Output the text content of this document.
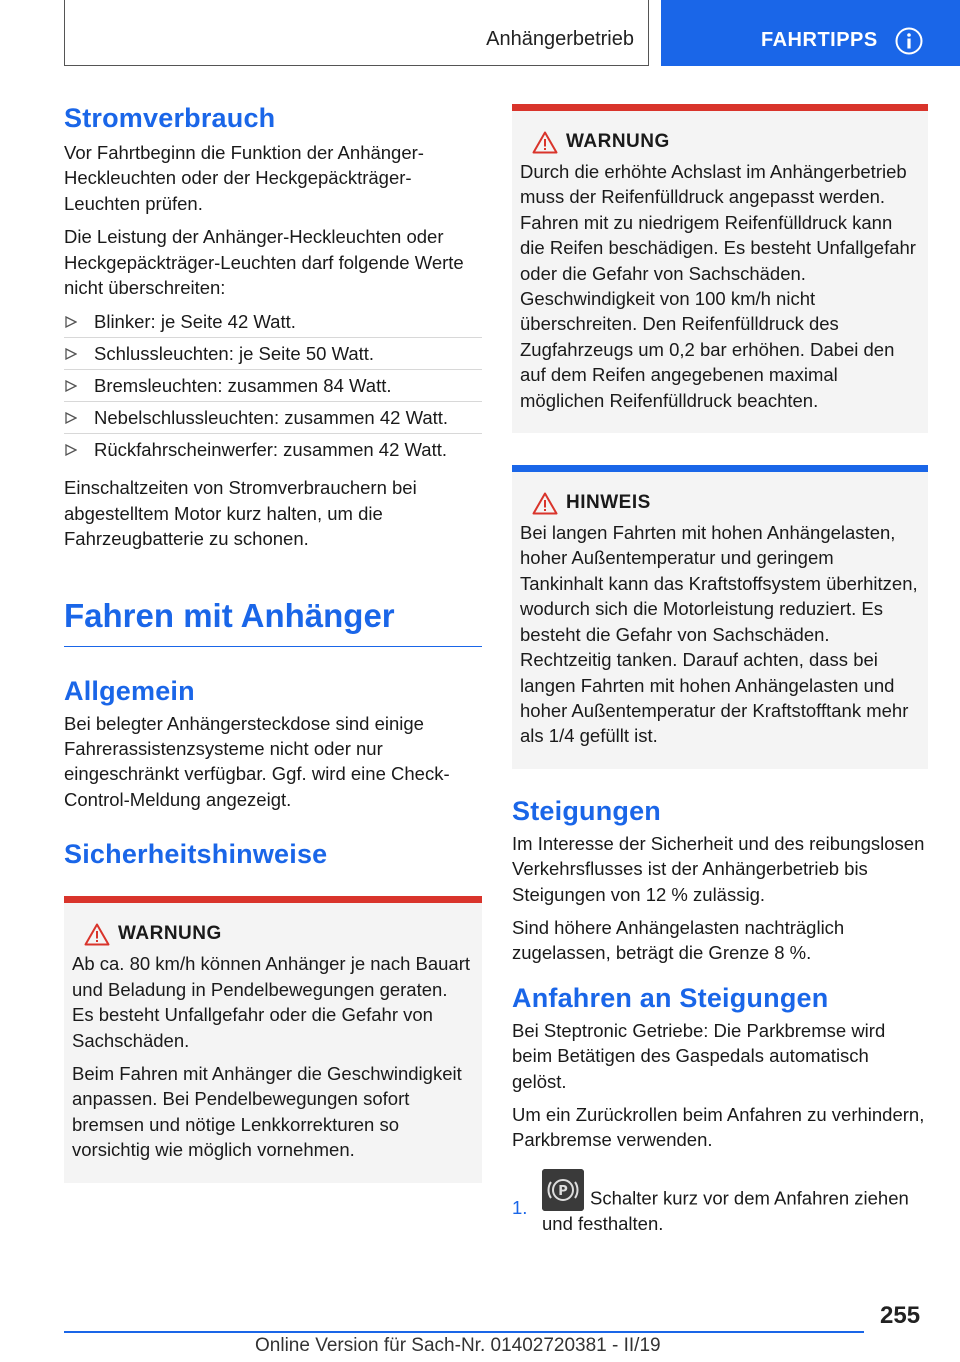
Anhängerbetrieb	FAHRTIPPS
Stromverbrauch

Vor Fahrtbeginn die Funktion der Anhänger-Heckleuchten oder der Heckgepäckträger-Leuchten prüfen.

Die Leistung der Anhänger-Heckleuchten oder Heckgepäckträger-Leuchten darf folgende Werte nicht überschreiten:

Blinker: je Seite 42 Watt.
Schlussleuchten: je Seite 50 Watt.
Bremsleuchten: zusammen 84 Watt.
Nebelschlussleuchten: zusammen 42 Watt.
Rückfahrscheinwerfer: zusammen 42 Watt.

Einschaltzeiten von Stromverbrauchern bei abgestelltem Motor kurz halten, um die Fahrzeugbatterie zu schonen.

Fahren mit Anhänger
Allgemein

Bei belegter Anhängersteckdose sind einige Fahrerassistenzsysteme nicht oder nur eingeschränkt verfügbar. Ggf. wird eine Check-Control-Meldung angezeigt.

Sicherheitshinweise
WARNUNG

Ab ca. 80 km/h können Anhänger je nach Bauart und Beladung in Pendelbewegungen geraten. Es besteht Unfallgefahr oder die Gefahr von Sachschäden.

Beim Fahren mit Anhänger die Geschwindigkeit anpassen. Bei Pendelbewegungen sofort bremsen und nötige Lenkkorrekturen so vorsichtig wie möglich vornehmen.

WARNUNG

Durch die erhöhte Achslast im Anhängerbetrieb muss der Reifenfülldruck angepasst werden. Fahren mit zu niedrigem Reifenfülldruck kann die Reifen beschädigen. Es besteht Unfallgefahr oder die Gefahr von Sachschäden. Geschwindigkeit von 100 km/h nicht überschreiten. Den Reifenfülldruck des Zugfahrzeugs um 0,2 bar erhöhen. Dabei den auf dem Reifen angegebenen maximal möglichen Reifenfülldruck beachten.

HINWEIS

Bei langen Fahrten mit hohen Anhängelasten, hoher Außentemperatur und geringem Tankinhalt kann das Kraftstoffsystem überhitzen, wodurch sich die Motorleistung reduziert. Es besteht die Gefahr von Sachschäden. Rechtzeitig tanken. Darauf achten, dass bei langen Fahrten mit hohen Anhängelasten und hoher Außentemperatur der Kraftstofftank mehr als 1/4 gefüllt ist.

Steigungen

Im Interesse der Sicherheit und des reibungslosen Verkehrsflusses ist der Anhängerbetrieb bis Steigungen von 12 % zulässig.

Sind höhere Anhängelasten nachträglich zugelassen, beträgt die Grenze 8 %.

Anfahren an Steigungen

Bei Steptronic Getriebe: Die Parkbremse wird beim Betätigen des Gaspedals automatisch gelöst.

Um ein Zurückrollen beim Anfahren zu verhindern, Parkbremse verwenden.

1.
P Schalter kurz vor dem Anfahren ziehen und festhalten.
255
Online Version für Sach-Nr. 01402720381 - II/19
